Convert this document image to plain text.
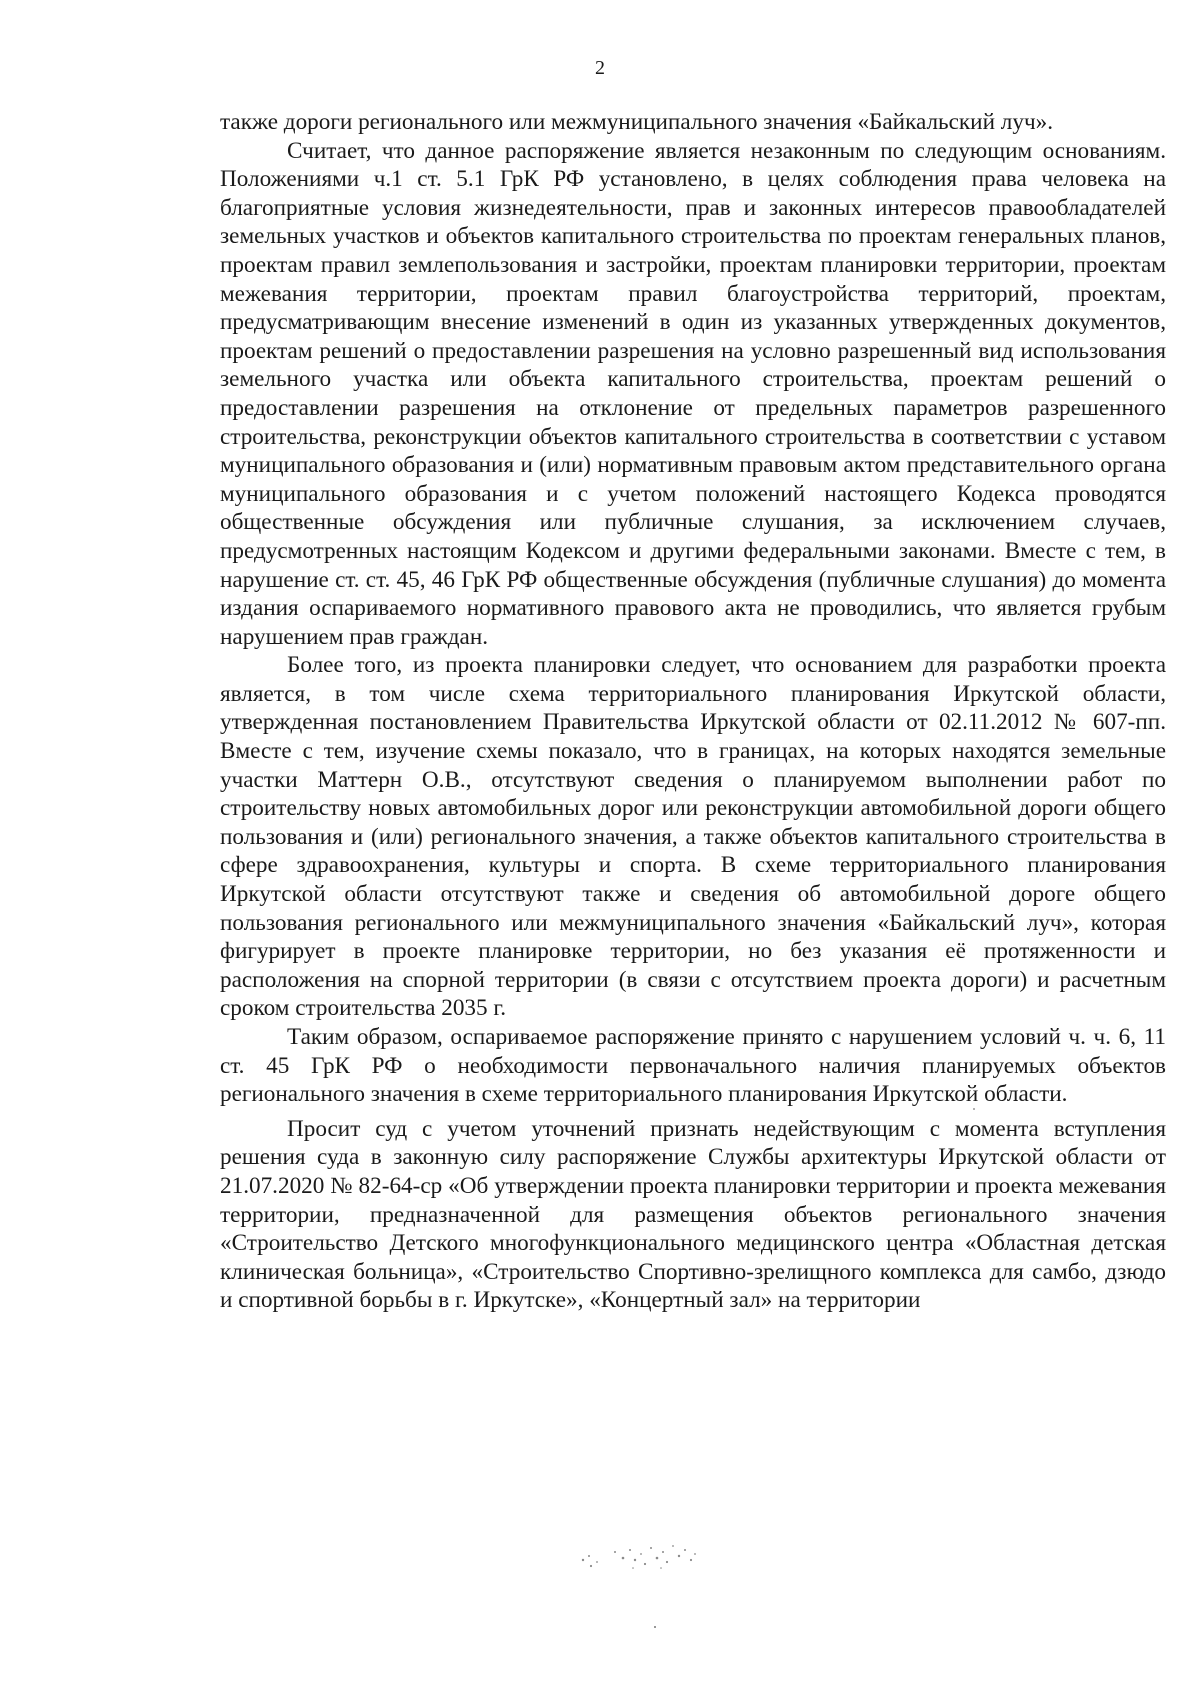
2

также дороги регионального или межмуниципального значения «Байкальский луч».

Считает, что данное распоряжение является незаконным по следующим основаниям. Положениями ч.1 ст. 5.1 ГрК РФ установлено, в целях соблюдения права человека на благоприятные условия жизнедеятельности, прав и законных интересов правообладателей земельных участков и объектов капитального строительства по проектам генеральных планов, проектам правил землепользования и застройки, проектам планировки территории, проектам межевания территории, проектам правил благоустройства территорий, проектам, предусматривающим внесение изменений в один из указанных утвержденных документов, проектам решений о предоставлении разрешения на условно разрешенный вид использования земельного участка или объекта капитального строительства, проектам решений о предоставлении разрешения на отклонение от предельных параметров разрешенного строительства, реконструкции объектов капитального строительства в соответствии с уставом муниципального образования и (или) нормативным правовым актом представительного органа муниципального образования и с учетом положений настоящего Кодекса проводятся общественные обсуждения или публичные слушания, за исключением случаев, предусмотренных настоящим Кодексом и другими федеральными законами. Вместе с тем, в нарушение ст. ст. 45, 46 ГрК РФ общественные обсуждения (публичные слушания) до момента издания оспариваемого нормативного правового акта не проводились, что является грубым нарушением прав граждан.

Более того, из проекта планировки следует, что основанием для разработки проекта является, в том числе схема территориального планирования Иркутской области, утвержденная постановлением Правительства Иркутской области от 02.11.2012 № 607-пп. Вместе с тем, изучение схемы показало, что в границах, на которых находятся земельные участки Маттерн О.В., отсутствуют сведения о планируемом выполнении работ по строительству новых автомобильных дорог или реконструкции автомобильной дороги общего пользования и (или) регионального значения, а также объектов капитального строительства в сфере здравоохранения, культуры и спорта. В схеме территориального планирования Иркутской области отсутствуют также и сведения об автомобильной дороге общего пользования регионального или межмуниципального значения «Байкальский луч», которая фигурирует в проекте планировке территории, но без указания её протяженности и расположения на спорной территории (в связи с отсутствием проекта дороги) и расчетным сроком строительства 2035 г.

Таким образом, оспариваемое распоряжение принято с нарушением условий ч. ч. 6, 11 ст. 45 ГрК РФ о необходимости первоначального наличия планируемых объектов регионального значения в схеме территориального планирования Иркутской области.

Просит суд с учетом уточнений признать недействующим с момента вступления решения суда в законную силу распоряжение Службы архитектуры Иркутской области от 21.07.2020 № 82-64-ср «Об утверждении проекта планировки территории и проекта межевания территории, предназначенной для размещения объектов регионального значения «Строительство Детского многофункционального медицинского центра «Областная детская клиническая больница», «Строительство Спортивно-зрелищного комплекса для самбо, дзюдо и спортивной борьбы в г. Иркутске», «Концертный зал» на территории
